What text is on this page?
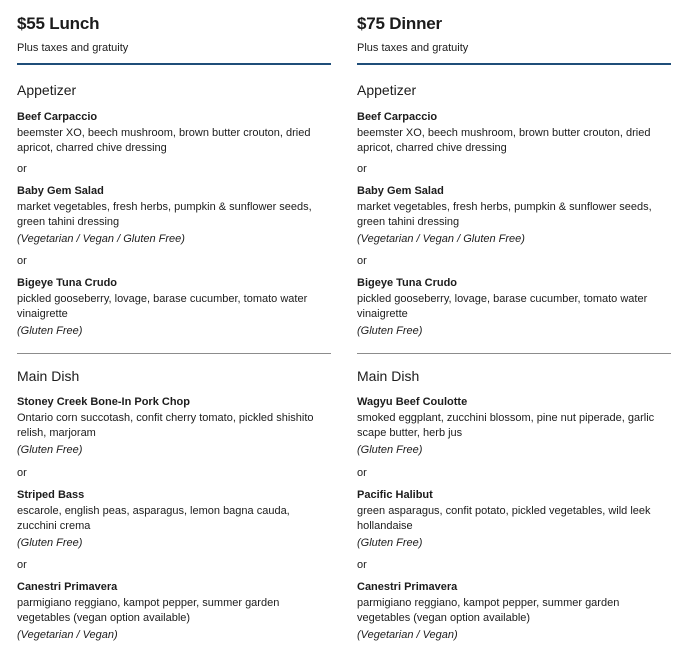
$55 Lunch
Plus taxes and gratuity
Appetizer
Beef Carpaccio
beemster XO, beech mushroom, brown butter crouton, dried apricot, charred chive dressing
or
Baby Gem Salad
market vegetables, fresh herbs, pumpkin & sunflower seeds, green tahini dressing
(Vegetarian / Vegan / Gluten Free)
or
Bigeye Tuna Crudo
pickled gooseberry, lovage, barase cucumber, tomato water vinaigrette
(Gluten Free)
Main Dish
Stoney Creek Bone-In Pork Chop
Ontario corn succotash, confit cherry tomato, pickled shishito relish, marjoram
(Gluten Free)
or
Striped Bass
escarole, english peas, asparagus, lemon bagna cauda, zucchini crema
(Gluten Free)
or
Canestri Primavera
parmigiano reggiano, kampot pepper, summer garden vegetables (vegan option available)
(Vegetarian / Vegan)
$75 Dinner
Plus taxes and gratuity
Appetizer
Beef Carpaccio
beemster XO, beech mushroom, brown butter crouton, dried apricot, charred chive dressing
or
Baby Gem Salad
market vegetables, fresh herbs, pumpkin & sunflower seeds, green tahini dressing
(Vegetarian / Vegan / Gluten Free)
or
Bigeye Tuna Crudo
pickled gooseberry, lovage, barase cucumber, tomato water vinaigrette
(Gluten Free)
Main Dish
Wagyu Beef Coulotte
smoked eggplant, zucchini blossom, pine nut piperade, garlic scape butter, herb jus
(Gluten Free)
or
Pacific Halibut
green asparagus, confit potato, pickled vegetables, wild leek hollandaise
(Gluten Free)
or
Canestri Primavera
parmigiano reggiano, kampot pepper, summer garden vegetables (vegan option available)
(Vegetarian / Vegan)
